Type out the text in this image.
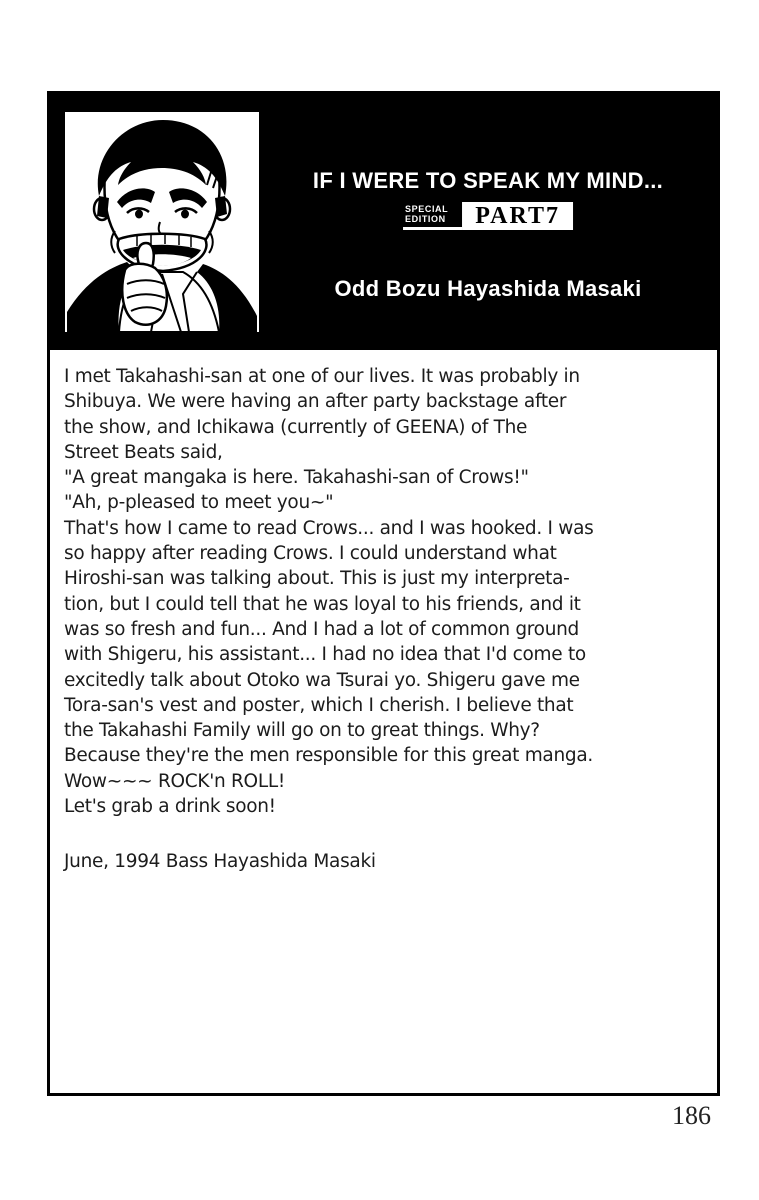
IF I WERE TO SPEAK MY MIND...
SPECIAL
EDITION	PART7
Odd Bozu Hayashida Masaki
I met Takahashi-san at one of our lives. It was probably in
Shibuya. We were having an after party backstage after
the show, and Ichikawa (currently of GEENA) of The
Street Beats said,
"A great mangaka is here. Takahashi-san of Crows!"
"Ah, p-pleased to meet you~"
That's how I came to read Crows... and I was hooked. I was
so happy after reading Crows. I could understand what
Hiroshi-san was talking about. This is just my interpreta-
tion, but I could tell that he was loyal to his friends, and it
was so fresh and fun... And I had a lot of common ground
with Shigeru, his assistant... I had no idea that I'd come to
excitedly talk about Otoko wa Tsurai yo. Shigeru gave me
Tora-san's vest and poster, which I cherish. I believe that
the Takahashi Family will go on to great things. Why?
Because they're the men responsible for this great manga.
Wow~~~ ROCK'n ROLL!
Let's grab a drink soon!
June, 1994 Bass Hayashida Masaki
186
